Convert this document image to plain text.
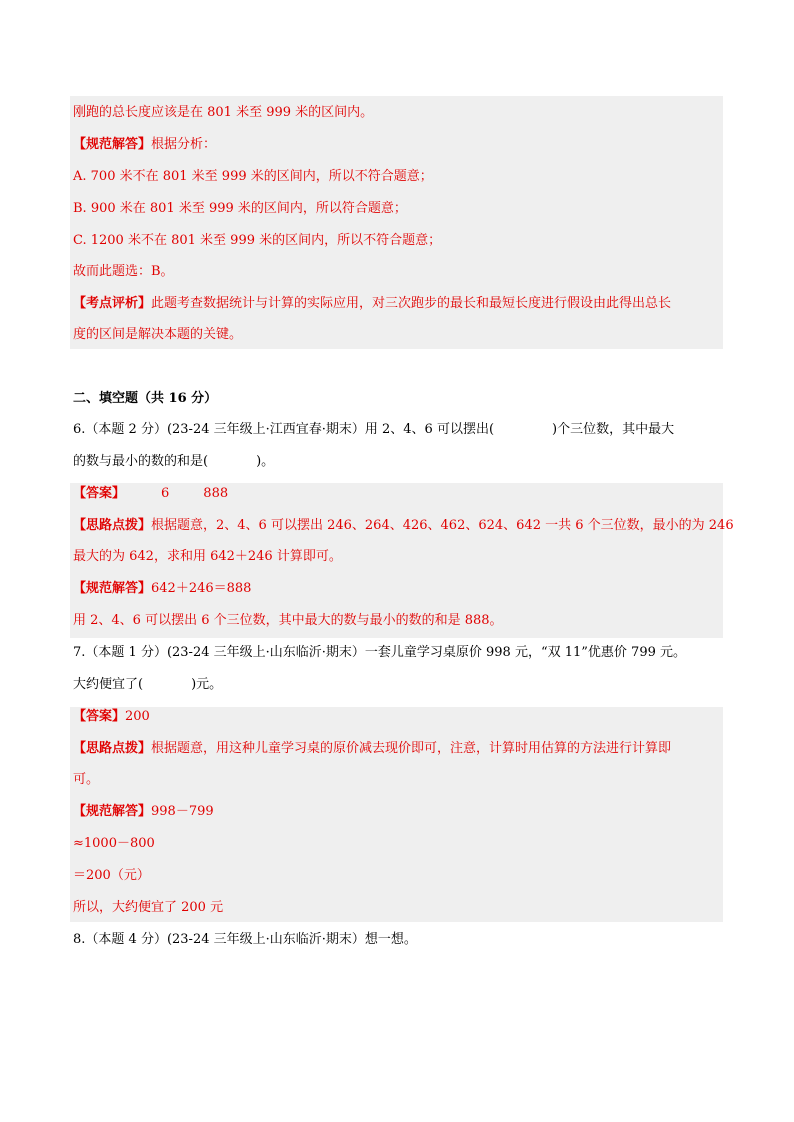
刚跑的总长度应该是在 801 米至 999 米的区间内。
【规范解答】根据分析：
A. 700 米不在 801 米至 999 米的区间内，所以不符合题意；
B. 900 米在 801 米至 999 米的区间内，所以符合题意；
C. 1200 米不在 801 米至 999 米的区间内，所以不符合题意；
故而此题选：B。
【考点评析】此题考查数据统计与计算的实际应用，对三次跑步的最长和最短长度进行假设由此得出总长
度的区间是解决本题的关键。
二、填空题（共 16 分）
6.（本题 2 分）(23-24 三年级上·江西宜春·期末）用 2、4、6 可以摆出(	)个三位数，其中最大
的数与最小的数的和是(	)。
【答案】	6	888
【思路点拨】根据题意，2、4、6 可以摆出 246、264、426、462、624、642 一共 6 个三位数，最小的为 246
最大的为 642，求和用 642＋246 计算即可。
【规范解答】642＋246＝888
用 2、4、6 可以摆出 6 个三位数，其中最大的数与最小的数的和是 888。
7.（本题 1 分）(23-24 三年级上·山东临沂·期末）一套儿童学习桌原价 998 元，“双 11”优惠价 799 元。
大约便宜了(	)元。
【答案】200
【思路点拨】根据题意，用这种儿童学习桌的原价减去现价即可，注意，计算时用估算的方法进行计算即
可。
【规范解答】998－799
≈1000－800
＝200（元）
所以，大约便宜了 200 元
8.（本题 4 分）(23-24 三年级上·山东临沂·期末）想一想。
